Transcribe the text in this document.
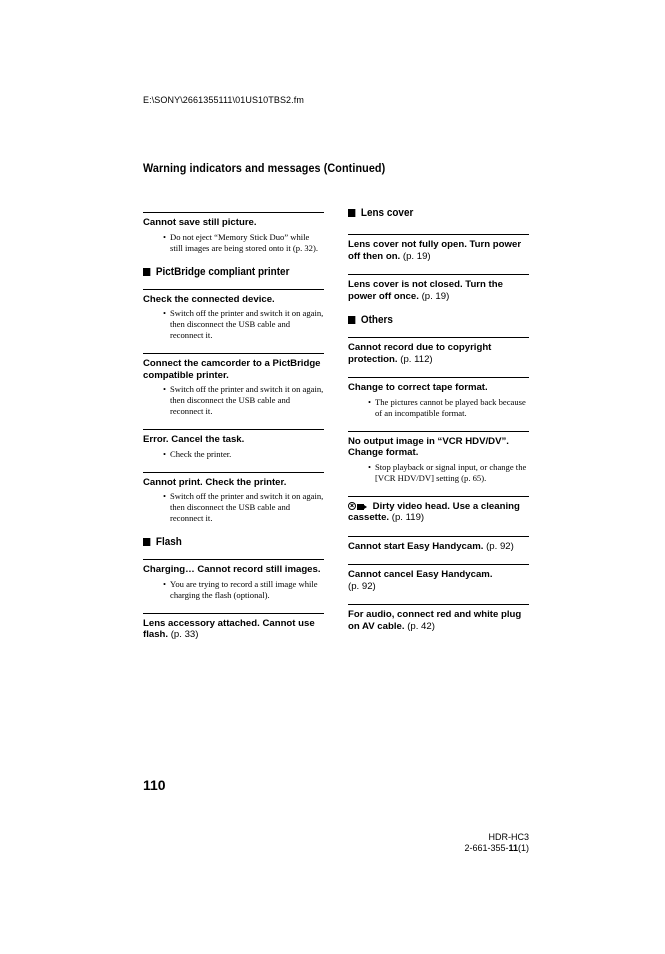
E:\SONY\2661355111\01US10TBS2.fm
Warning indicators and messages (Continued)
Cannot save still picture.
• Do not eject “Memory Stick Duo” while still images are being stored onto it (p. 32).
PictBridge compliant printer
Check the connected device.
• Switch off the printer and switch it on again, then disconnect the USB cable and reconnect it.
Connect the camcorder to a PictBridge compatible printer.
• Switch off the printer and switch it on again, then disconnect the USB cable and reconnect it.
Error. Cancel the task.
• Check the printer.
Cannot print. Check the printer.
• Switch off the printer and switch it on again, then disconnect the USB cable and reconnect it.
Flash
Charging… Cannot record still images.
• You are trying to record a still image while charging the flash (optional).
Lens accessory attached. Cannot use flash. (p. 33)
Lens cover
Lens cover not fully open. Turn power off then on. (p. 19)
Lens cover is not closed. Turn the power off once. (p. 19)
Others
Cannot record due to copyright protection. (p. 112)
Change to correct tape format.
• The pictures cannot be played back because of an incompatible format.
No output image in “VCR HDV/DV”. Change format.
• Stop playback or signal input, or change the [VCR HDV/DV] setting (p. 65).
Dirty video head. Use a cleaning cassette. (p. 119)
Cannot start Easy Handycam. (p. 92)
Cannot cancel Easy Handycam.
(p. 92)
For audio, connect red and white plug on AV cable. (p. 42)
110
HDR-HC3
2-661-355-11(1)
